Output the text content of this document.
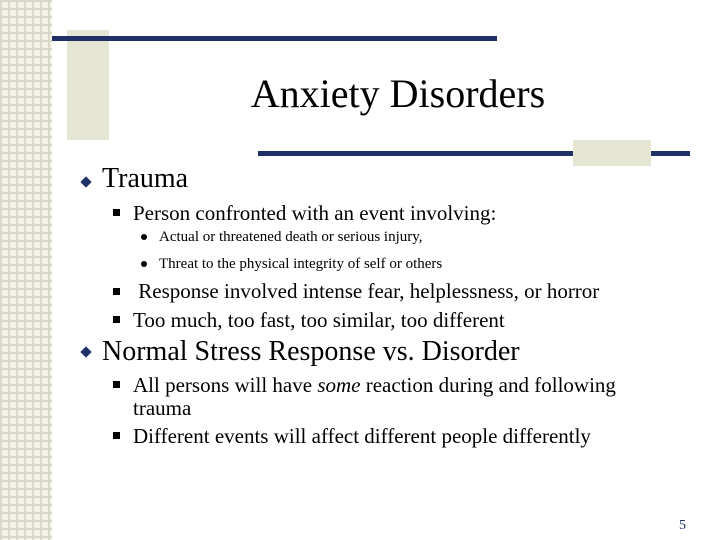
Anxiety Disorders
Trauma
Person confronted with an event involving:
Actual or threatened death or serious injury,
Threat to the physical integrity of self or others
Response involved intense fear, helplessness, or horror
Too much, too fast, too similar, too different
Normal Stress Response vs. Disorder
All persons will have some reaction during and following
trauma
Different events will affect different people differently
5
